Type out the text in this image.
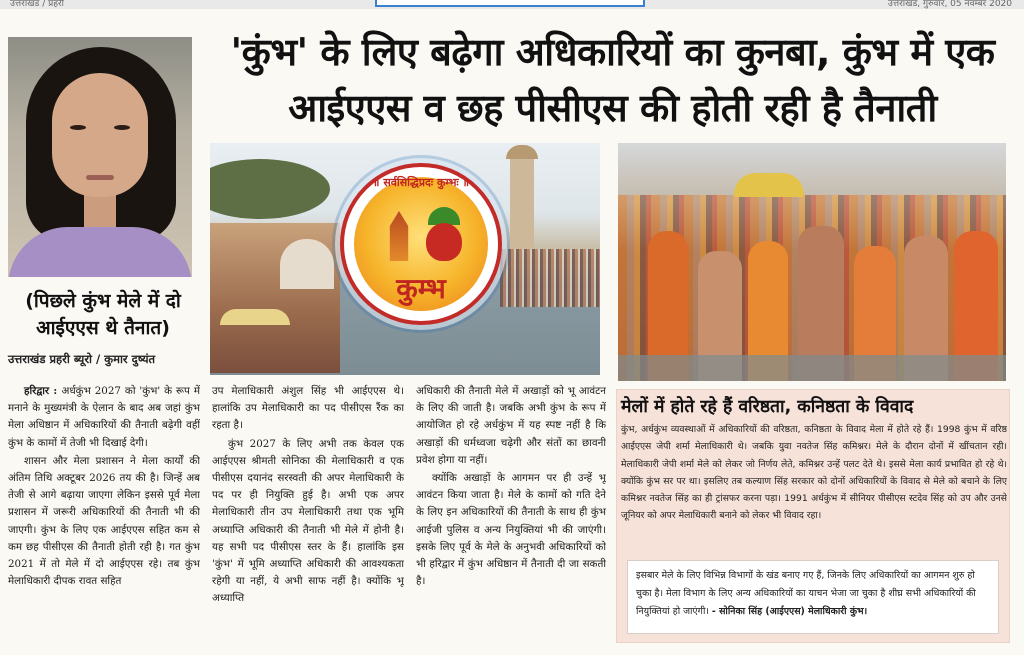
उत्तराखंड / प्रहरी	उत्तराखंड, गुरुवार, 05 नवम्बर 2020
'कुंभ' के लिए बढ़ेगा अधिकारियों का कुनबा, कुंभ में एक आईएएस व छह पीसीएस की होती रही है तैनाती
(पिछले कुंभ मेले में दो आईएएस थे तैनात)
उत्तराखंड प्रहरी ब्यूरो / कुमार दुष्यंत
॥ सर्वसिद्धिप्रदः कुम्भः ॥
कुम्भ

हरिद्वार : अर्धकुंभ 2027 को 'कुंभ' के रूप में मनाने के मुख्यमंत्री के ऐलान के बाद अब जहां कुंभ मेला अधिष्ठान में अधिकारियों की तैनाती बढ़ेगी वहीं कुंभ के कामों में तेजी भी दिखाई देगी।

शासन और मेला प्रशासन ने मेला कार्यों की अंतिम तिथि अक्टूबर 2026 तय की है। जिन्हें अब तेजी से आगे बढ़ाया जाएगा लेकिन इससे पूर्व मेला प्रशासन में जरूरी अधिकारियों की तैनाती भी की जाएगी। कुंभ के लिए एक आईएएस सहित कम से कम छह पीसीएस की तैनाती होती रही है। गत कुंभ 2021 में तो मेले में दो आईएएस रहे। तब कुंभ मेलाधिकारी दीपक रावत सहित

उप मेलाधिकारी अंशुल सिंह भी आईएएस थे। हालांकि उप मेलाधिकारी का पद पीसीएस रैंक का रहता है।

कुंभ 2027 के लिए अभी तक केवल एक आईएएस श्रीमती सोनिका की मेलाधिकारी व एक पीसीएस दयानंद सरस्वती की अपर मेलाधिकारी के पद पर ही नियुक्ति हुई है। अभी एक अपर मेलाधिकारी तीन उप मेलाधिकारी तथा एक भूमि अध्याप्ति अधिकारी की तैनाती भी मेले में होनी है। यह सभी पद पीसीएस स्तर के हैं। हालांकि इस 'कुंभ' में भूमि अध्याप्ति अधिकारी की आवश्यकता रहेगी या नहीं, ये अभी साफ नहीं है। क्योंकि भू अध्याप्ति

अधिकारी की तैनाती मेले में अखाड़ों को भू आवंटन के लिए की जाती है। जबकि अभी कुंभ के रूप में आयोजित हो रहे अर्धकुंभ में यह स्पष्ट नहीं है कि अखाड़ों की धर्मध्वजा चढ़ेगी और संतों का छावनी प्रवेश होगा या नहीं।

क्योंकि अखाड़ों के आगमन पर ही उन्हें भू आवंटन किया जाता है। मेले के कामों को गति देने के लिए इन अधिकारियों की तैनाती के साथ ही कुंभ आईजी पुलिस व अन्य नियुक्तियां भी की जाएंगी। इसके लिए पूर्व के मेले के अनुभवी अधिकारियों को भी हरिद्वार में कुंभ अधिष्ठान में तैनाती दी जा सकती है।

मेलों में होते रहे हैं वरिष्ठता, कनिष्ठता के विवाद
कुंभ, अर्धकुंभ व्यवस्थाओं में अधिकारियों की वरिष्ठता, कनिष्ठता के विवाद मेला में होते रहे हैं। 1998 कुंभ में वरिष्ठ आईएएस जेपी शर्मा मेलाधिकारी थे। जबकि युवा नवतेज सिंह कमिश्नर। मेले के दौरान दोनों में खींचतान रही। मेलाधिकारी जेपी शर्मा मेले को लेकर जो निर्णय लेते, कमिश्नर उन्हें पलट देते थे। इससे मेला कार्य प्रभावित हो रहे थे। क्योंकि कुंभ सर पर था। इसलिए तब कल्याण सिंह सरकार को दोनों अधिकारियों के विवाद से मेले को बचाने के लिए कमिश्नर नवतेज सिंह का ही ट्रांसफर करना पड़ा। 1991 अर्धकुंभ में सीनियर पीसीएस स्टदेव सिंह को उप और उनसे जूनियर को अपर मेलाधिकारी बनाने को लेकर भी विवाद रहा।
इसबार मेले के लिए विभिन्न विभागों के खंड बनाए गए हैं, जिनके लिए अधिकारियों का आगमन शुरु हो चुका है। मेला विभाग के लिए अन्य अधिकारियों का याचन भेजा जा चुका है शीघ्र सभी अधिकारियों की नियुक्तियां हो जाएंगी। - सोनिका सिंह (आईएएस) मेलाधिकारी कुंभ।
